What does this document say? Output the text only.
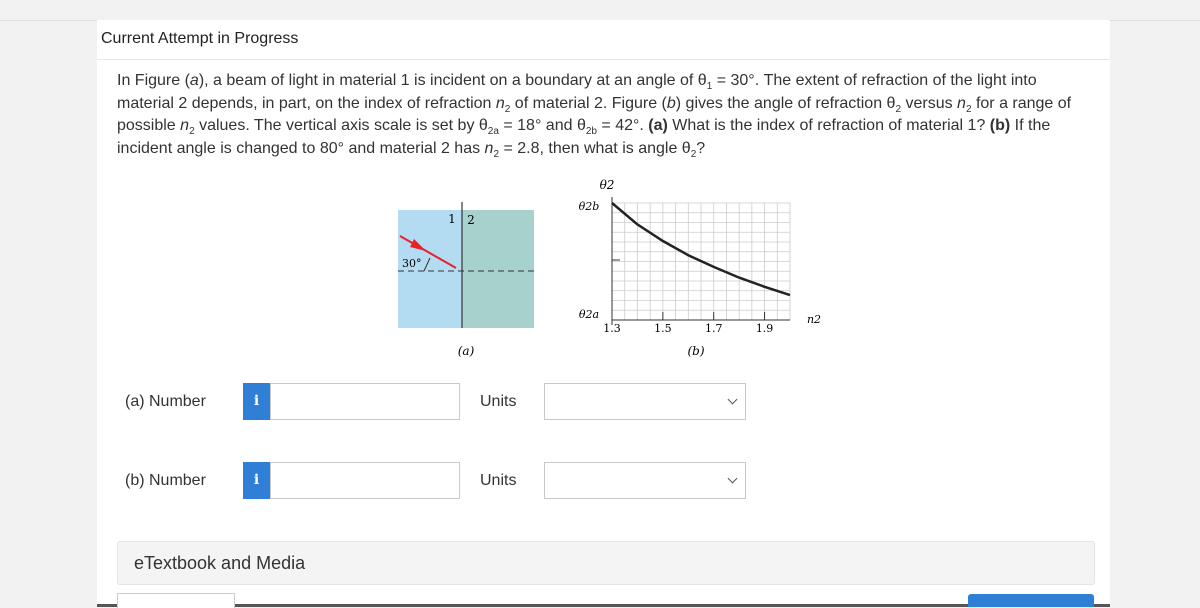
Current Attempt in Progress
In Figure (a), a beam of light in material 1 is incident on a boundary at an angle of $\theta_1 = 30^\circ$. The extent of refraction of the light into material 2 depends, in part, on the index of refraction $n_2$ of material 2. Figure (b) gives the angle of refraction $\theta_2$ versus $n_2$ for a range of possible $n_2$ values. The vertical axis scale is set by $\theta_{2a} = 18^\circ$ and $\theta_{2b} = 42^\circ$. (a) What is the index of refraction of material 1? (b) If the incident angle is changed to 80° and material 2 has $n_2 = 2.8$, then what is angle $\theta_2$?
1 2
30°
(a)
1.3	1.5	1.7	1.9
θ2
θ2b
θ2a	n2
(b)
(a) Number	i	Units
(b) Number	i	Units
eTextbook and Media
